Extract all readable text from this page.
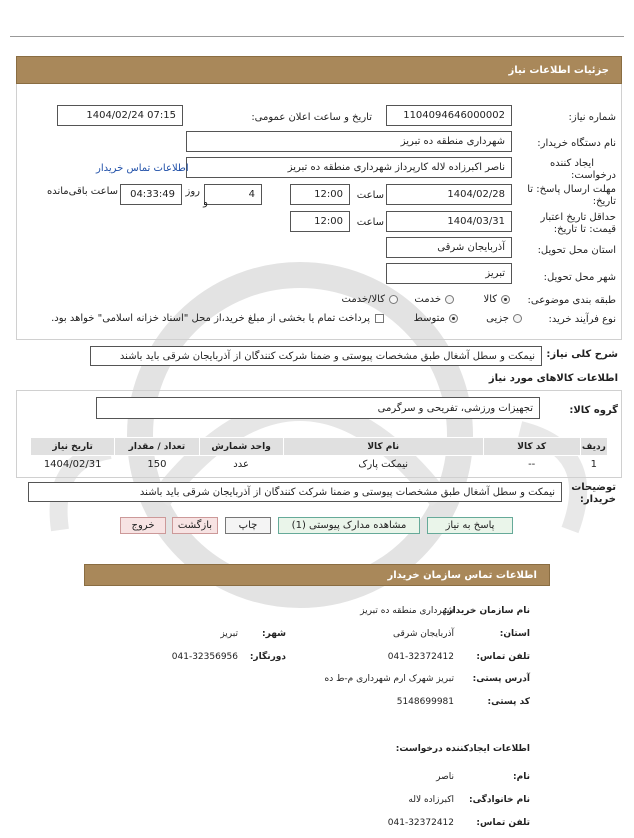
جزئیات اطلاعات نیاز
شماره نیاز:
1104094646000002
تاریخ و ساعت اعلان عمومی:
1404/02/24 07:15
نام دستگاه خریدار:
شهرداری منطقه ده تبریز
ایجاد کننده
درخواست:
ناصر اکبرزاده لاله کارپرداز شهرداری منطقه ده تبریز
اطلاعات تماس خریدار
مهلت ارسال پاسخ: تا
تاریخ:
1404/02/28
ساعت
12:00
4
روز
و
04:33:49
ساعت باقی‌مانده
حداقل تاریخ اعتبار
قیمت: تا تاریخ:
1404/03/31
ساعت
12:00
استان محل تحویل:
آذربایجان شرقی
شهر محل تحویل:
تبریز
طبقه بندی موضوعی:
کالا
خدمت
کالا/خدمت
نوع فرآیند خرید:
جزیی
متوسط
پرداخت تمام یا بخشی از مبلغ خرید،از محل "اسناد خزانه اسلامی" خواهد بود.
شرح کلی نیاز:
نیمکت و سطل آشغال طبق مشخصات پیوستی و ضمنا شرکت کنندگان از آذربایجان شرقی باید باشند
اطلاعات کالاهای مورد نیاز
گروه کالا:
تجهیزات ورزشی، تفریحی و سرگرمی
ردیف	کد کالا	نام کالا	واحد شمارش	تعداد / مقدار	تاریخ نیاز
1	--	نیمکت پارک	عدد	150	1404/02/31
توضیحات
خریدار:
نیمکت و سطل آشغال طبق مشخصات پیوستی و ضمنا شرکت کنندگان از آذربایجان شرقی باید باشند
پاسخ به نیاز
مشاهده مدارک پیوستی (1)
چاپ
بازگشت
خروج
اطلاعات تماس سازمان خریدار
نام سازمان خریدار:
شهرداری منطقه ده تبریز
استان:
آذربایجان شرقی
شهر:
تبریز
تلفن تماس:
041-32372412
دورنگار:
041-32356956
آدرس پستی:
تبریز شهرک ارم شهرداری م-ط ده
کد پستی:
5148699981
اطلاعات ایجادکننده درخواست:
نام:
ناصر
نام خانوادگی:
اکبرزاده لاله
تلفن تماس:
041-32372412
